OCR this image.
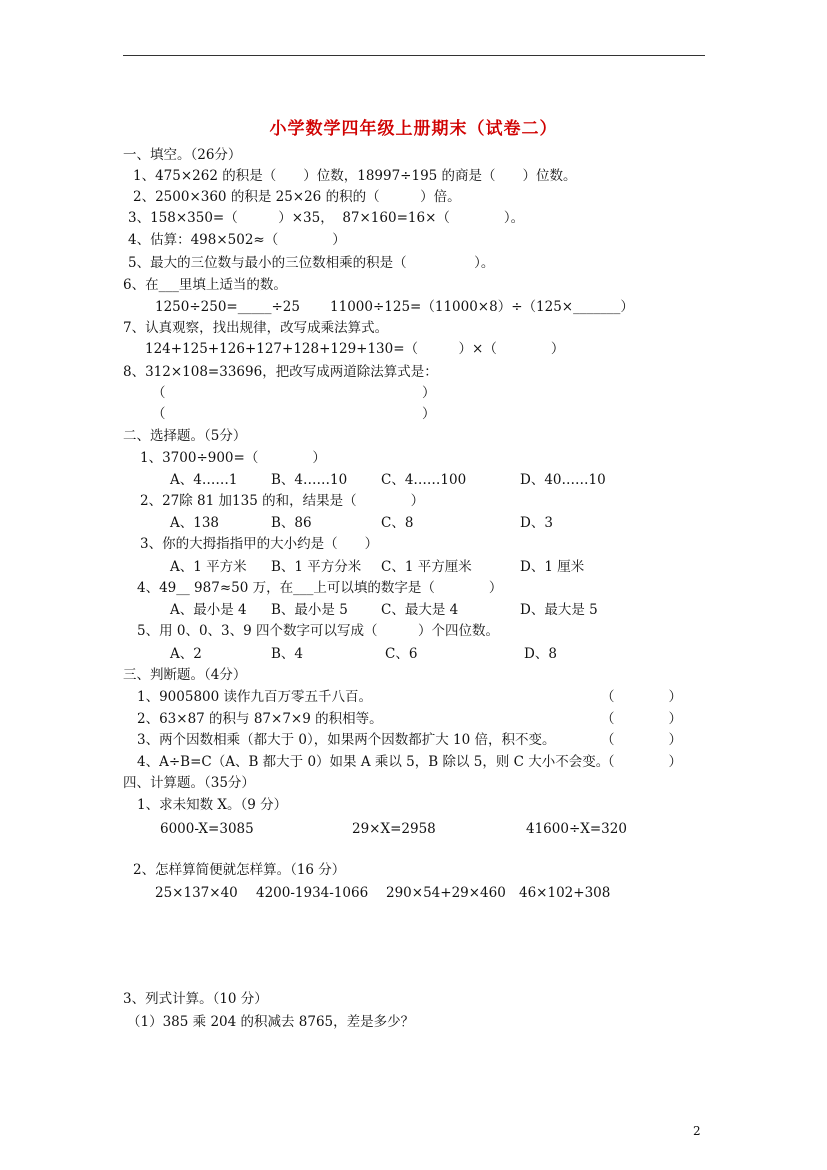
小学数学四年级上册期末（试卷二）
一、填空。（26分）
1、475×262 的积是（　　）位数，18997÷195 的商是（　　）位数。
2、2500×360 的积是 25×26 的积的（　　　）倍。
3、158×350=（　　　）×35，  87×160=16×（　　　　）。
4、估算：498×502≈（　　　　）
5、最大的三位数与最小的三位数相乘的积是（　　　　　）。
6、在___里填上适当的数。
1250÷250=_____÷25       11000÷125=（11000×8）÷（125×_______）
7、认真观察，找出规律，改写成乘法算式。
124+125+126+127+128+129+130=（　　　）×（　　　　）
8、312×108=33696，把改写成两道除法算式是：
（　　　　　　　　　　　　　　　　　　　）
（　　　　　　　　　　　　　　　　　　　）
二、选择题。（5分）
1、3700÷900=（　　　　）
A、4……1 B、4……10	C、4……100	D、40……10
2、27除 81 加135 的和，结果是（　　　　）
A、138	B、86	C、8	D、3
3、你的大拇指指甲的大小约是（　　）
A、1 平方米 B、1 平方分米 C、1 平方厘米	D、1 厘米
4、49__ 987≈50 万，在___上可以填的数字是（　　　　）
A、最小是 4 B、最小是 5 C、最大是 4	D、最大是 5
5、用 0、0、3、9 四个数字可以写成（　　　）个四位数。
A、2	B、4	C、6	D、8
三、判断题。（4分）
1、9005800 读作九百万零五千八百。	（　　　　）
2、63×87 的积与 87×7×9 的积相等。	（　　　　）
3、两个因数相乘（都大于 0），如果两个因数都扩大 10 倍，积不变。	（　　　　）
4、A÷B=C（A、B 都大于 0）如果 A 乘以 5，B 除以 5，则 C 大小不会变。
（　　　　）
四、计算题。（35分）
1、求未知数 X。（9 分）
6000-X=3085	29×X=2958	41600÷X=320
2、怎样算简便就怎样算。（16 分）
25×137×40 4200-1934-1066 290×54+29×460 46×102+308
3、列式计算。（10 分）
（1）385 乘 204 的积减去 8765，差是多少？
2
